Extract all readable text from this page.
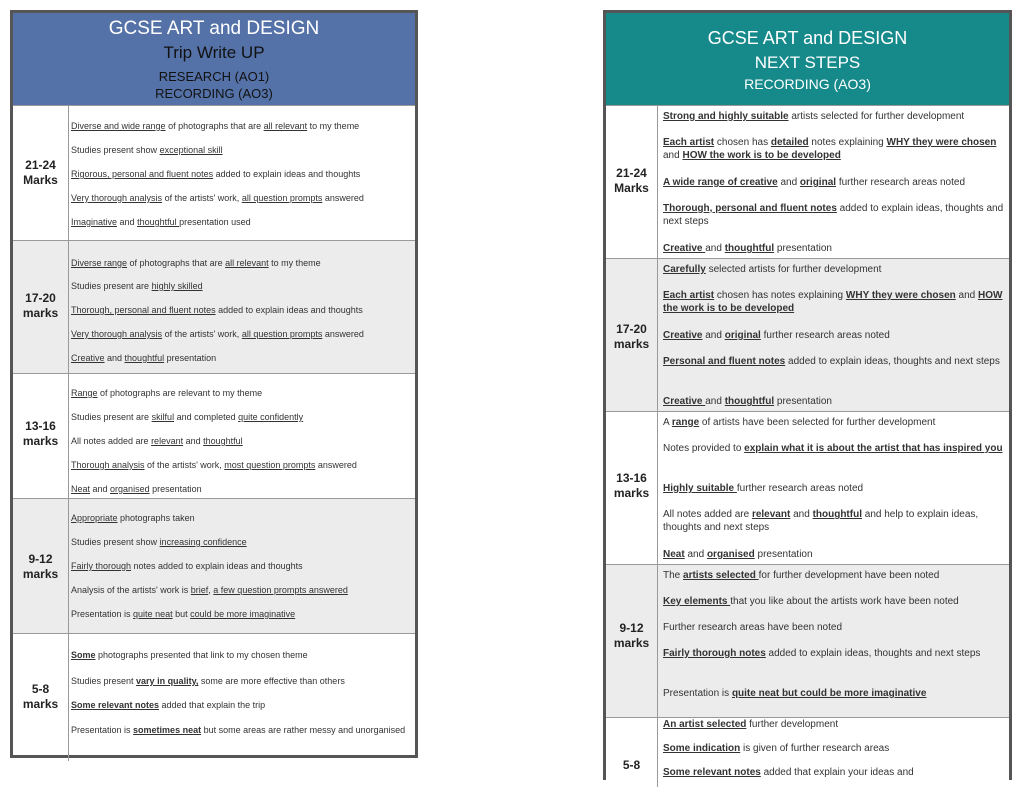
GCSE ART and DESIGN
Trip Write UP
RESEARCH (AO1)
RECORDING (AO3)
21-24 Marks
Diverse and wide range of photographs that are all relevant to my theme
Studies present show exceptional skill
Rigorous, personal and fluent notes added to explain ideas and thoughts
Very thorough analysis of the artists' work, all question prompts answered
Imaginative and thoughtful presentation used
17-20 marks
Diverse range of photographs that are all relevant to my theme
Studies present are highly skilled
Thorough, personal and fluent notes added to explain ideas and thoughts
Very thorough analysis of the artists' work, all question prompts answered
Creative and thoughtful presentation
13-16 marks
Range of photographs are relevant to my theme
Studies present are skilful and completed quite confidently
All notes added are relevant and thoughtful
Thorough analysis of the artists' work, most question prompts answered
Neat and organised presentation
9-12 marks
Appropriate photographs taken
Studies present show increasing confidence
Fairly thorough notes added to explain ideas and thoughts
Analysis of the artists' work is brief, a few question prompts answered
Presentation is quite neat but could be more imaginative
5-8 marks
Some photographs presented that link to my chosen theme
Studies present vary in quality, some are more effective than others
Some relevant notes added that explain the trip
Presentation is sometimes neat but some areas are rather messy and unorganised
GCSE ART and DESIGN
NEXT STEPS
RECORDING (AO3)
21-24 Marks
Strong and highly suitable artists selected for further development
Each artist chosen has detailed notes explaining WHY they were chosen and HOW the work is to be developed
A wide range of creative and original further research areas noted
Thorough, personal and fluent notes added to explain ideas, thoughts and next steps
Creative and thoughtful presentation
17-20 marks
Carefully selected artists for further development
Each artist chosen has notes explaining WHY they were chosen and HOW the work is to be developed
Creative and original further research areas noted
Personal and fluent notes added to explain ideas, thoughts and next steps
Creative and thoughtful presentation
13-16 marks
A range of artists have been selected for further development
Notes provided to explain what it is about the artist that has inspired you
Highly suitable further research areas noted
All notes added are relevant and thoughtful and help to explain ideas, thoughts and next steps
Neat and organised presentation
9-12 marks
The artists selected for further development have been noted
Key elements that you like about the artists work have been noted
Further research areas have been noted
Fairly thorough notes added to explain ideas, thoughts and next steps
Presentation is quite neat but could be more imaginative
5-8
An artist selected further development
Some indication is given of further research areas
Some relevant notes added that explain your ideas and
